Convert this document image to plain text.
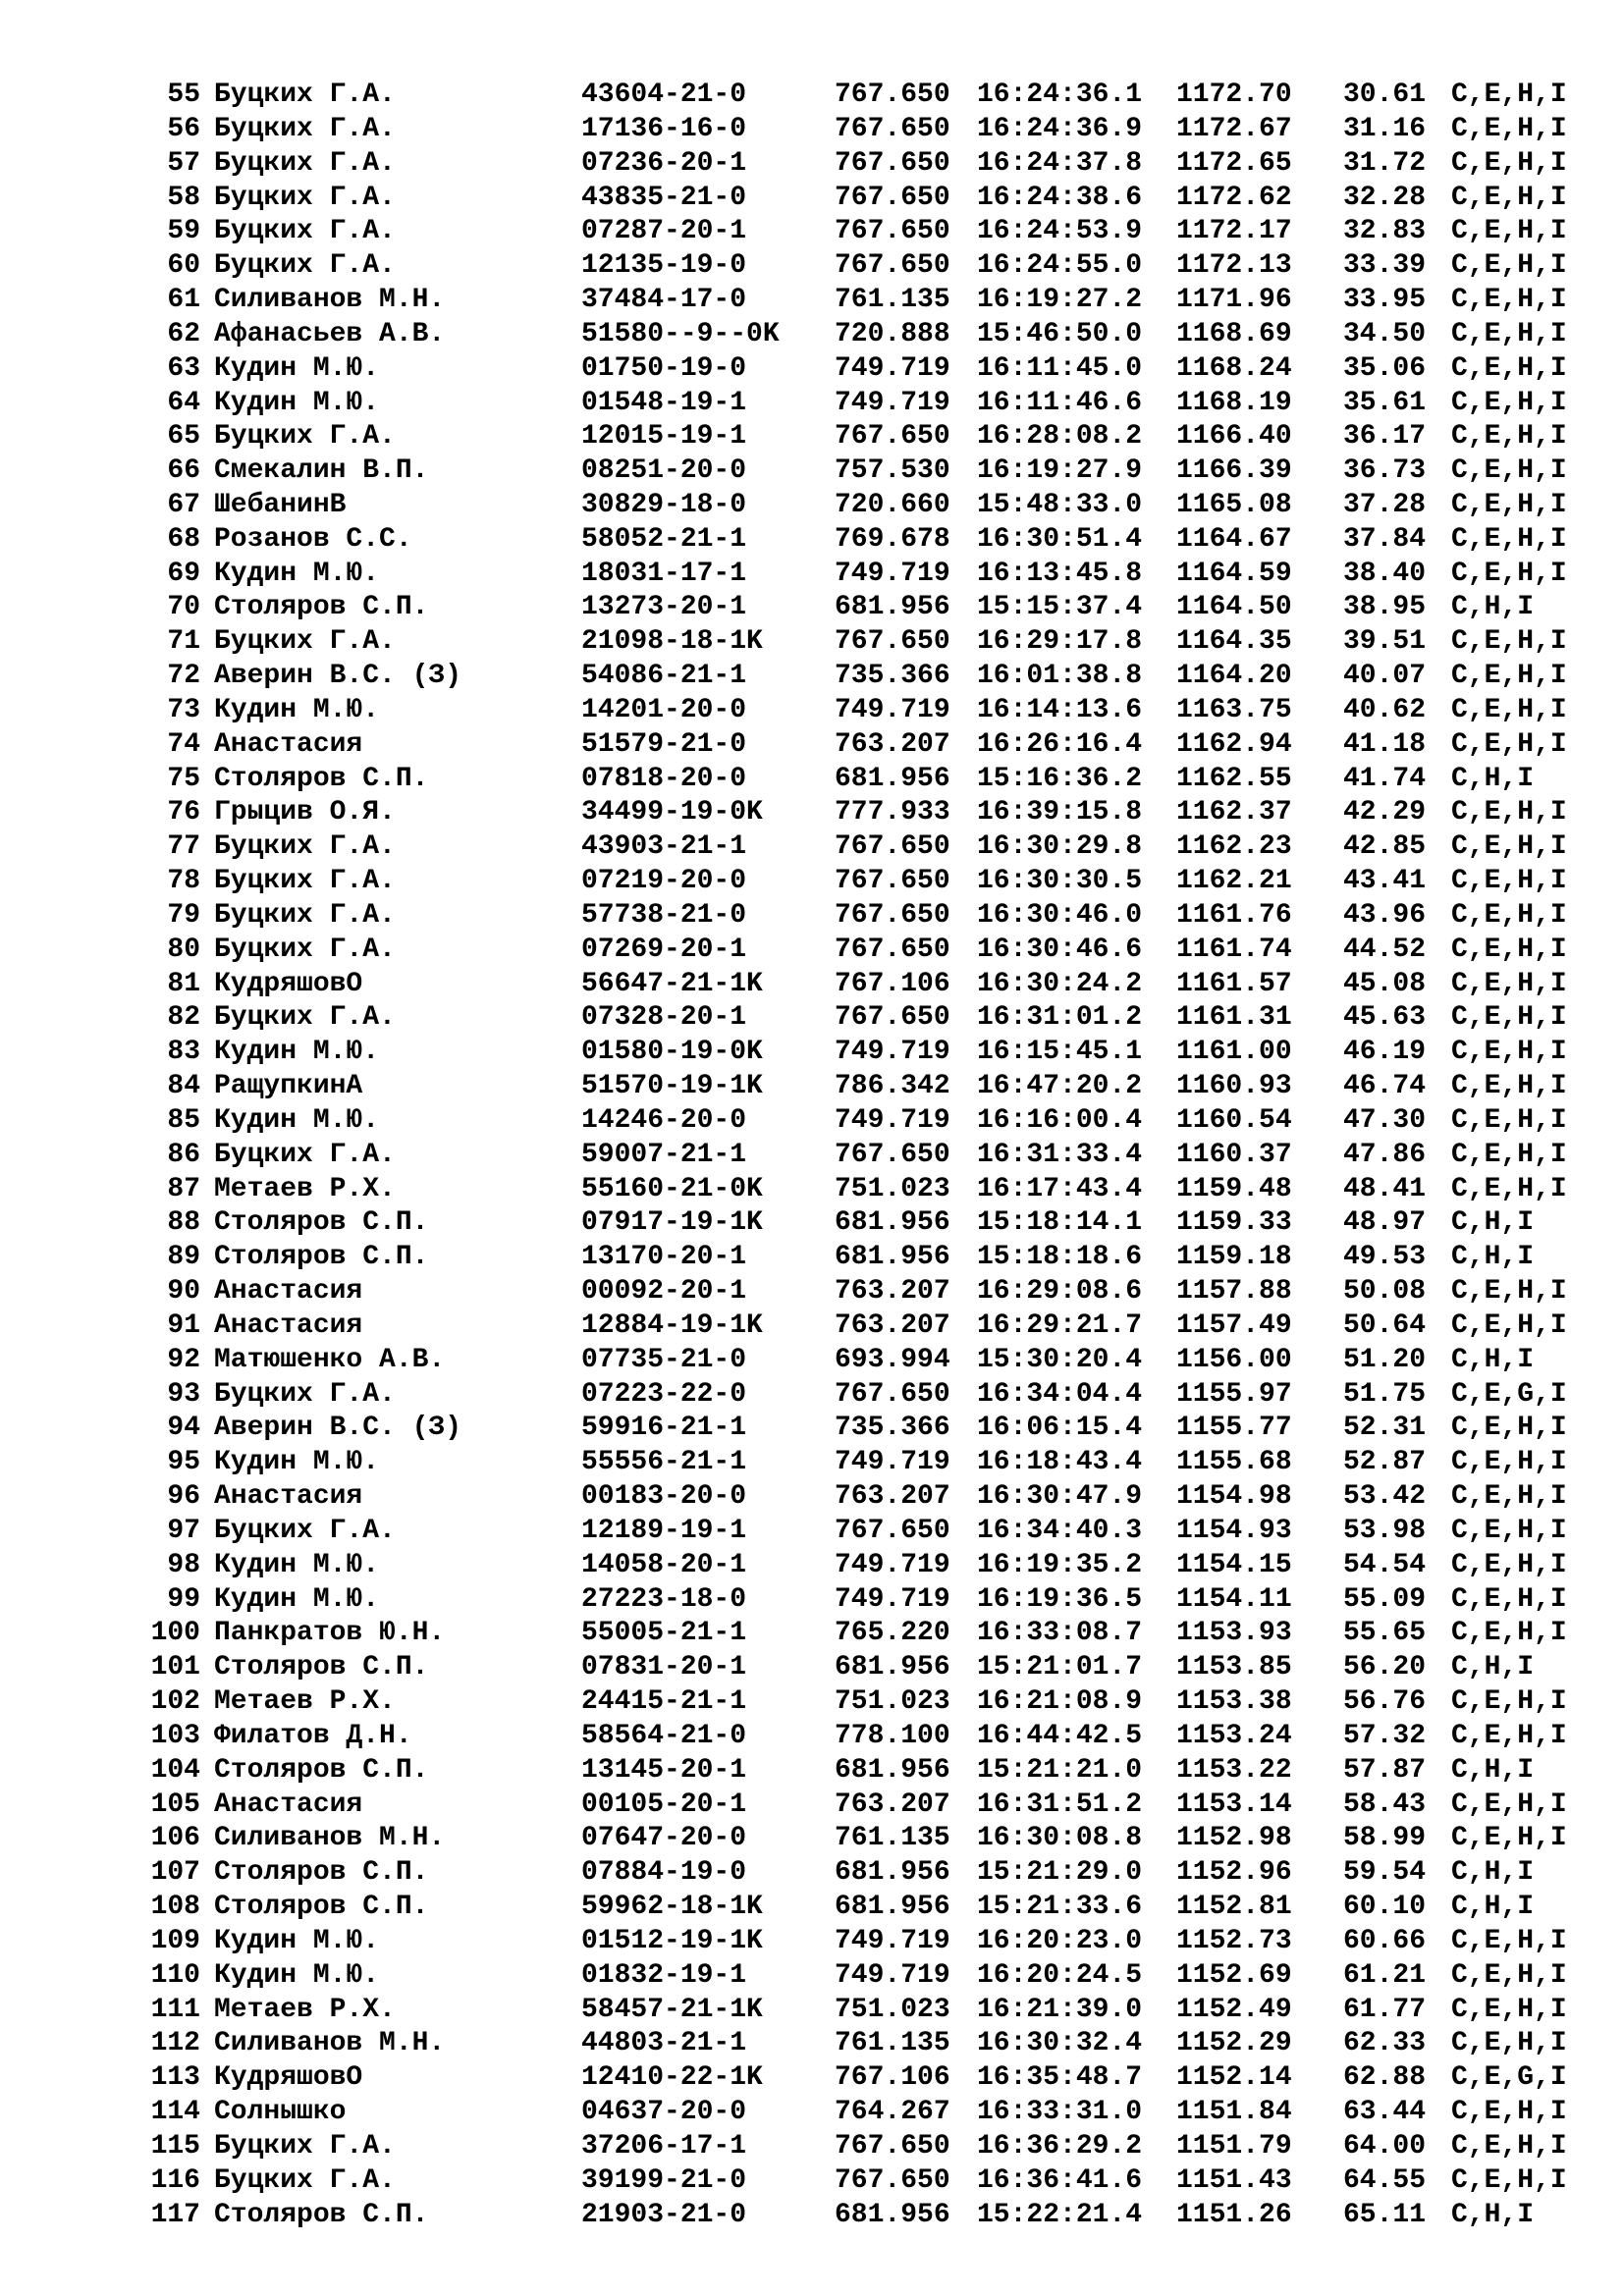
55 Буцких Г.А.	43604-21-0	767.650 16:24:36.1 1172.70 30.61 C,E,H,I
56 Буцких Г.А.	17136-16-0	767.650 16:24:36.9 1172.67 31.16 C,E,H,I
57 Буцких Г.А.	07236-20-1	767.650 16:24:37.8 1172.65 31.72 C,E,H,I
58 Буцких Г.А.	43835-21-0	767.650 16:24:38.6 1172.62 32.28 C,E,H,I
59 Буцких Г.А.	07287-20-1	767.650 16:24:53.9 1172.17 32.83 C,E,H,I
60 Буцких Г.А.	12135-19-0	767.650 16:24:55.0 1172.13 33.39 C,E,H,I
61 Силиванов М.Н.	37484-17-0	761.135 16:19:27.2 1171.96 33.95 C,E,H,I
62 Афанасьев А.В.	51580--9--0K 720.888 15:46:50.0 1168.69 34.50 C,E,H,I
63 Кудин М.Ю.	01750-19-0	749.719 16:11:45.0 1168.24 35.06 C,E,H,I
64 Кудин М.Ю.	01548-19-1	749.719 16:11:46.6 1168.19 35.61 C,E,H,I
65 Буцких Г.А.	12015-19-1	767.650 16:28:08.2 1166.40 36.17 C,E,H,I
66 Смекалин В.П.	08251-20-0	757.530 16:19:27.9 1166.39 36.73 C,E,H,I
67 ШебанинВ	30829-18-0	720.660 15:48:33.0 1165.08 37.28 C,E,H,I
68 Розанов С.С.	58052-21-1	769.678 16:30:51.4 1164.67 37.84 C,E,H,I
69 Кудин М.Ю.	18031-17-1	749.719 16:13:45.8 1164.59 38.40 C,E,H,I
70 Столяров С.П.	13273-20-1	681.956 15:15:37.4 1164.50 38.95 C,H,I
71 Буцких Г.А.	21098-18-1K	767.650 16:29:17.8 1164.35 39.51 C,E,H,I
72 Аверин В.С. (З)	54086-21-1	735.366 16:01:38.8 1164.20 40.07 C,E,H,I
73 Кудин М.Ю.	14201-20-0	749.719 16:14:13.6 1163.75 40.62 C,E,H,I
74 Анастасия	51579-21-0	763.207 16:26:16.4 1162.94 41.18 C,E,H,I
75 Столяров С.П.	07818-20-0	681.956 15:16:36.2 1162.55 41.74 C,H,I
76 Грыцив О.Я.	34499-19-0K	777.933 16:39:15.8 1162.37 42.29 C,E,H,I
77 Буцких Г.А.	43903-21-1	767.650 16:30:29.8 1162.23 42.85 C,E,H,I
78 Буцких Г.А.	07219-20-0	767.650 16:30:30.5 1162.21 43.41 C,E,H,I
79 Буцких Г.А.	57738-21-0	767.650 16:30:46.0 1161.76 43.96 C,E,H,I
80 Буцких Г.А.	07269-20-1	767.650 16:30:46.6 1161.74 44.52 C,E,H,I
81 КудряшовО	56647-21-1K	767.106 16:30:24.2 1161.57 45.08 C,E,H,I
82 Буцких Г.А.	07328-20-1	767.650 16:31:01.2 1161.31 45.63 C,E,H,I
83 Кудин М.Ю.	01580-19-0K	749.719 16:15:45.1 1161.00 46.19 C,E,H,I
84 РащупкинА	51570-19-1K	786.342 16:47:20.2 1160.93 46.74 C,E,H,I
85 Кудин М.Ю.	14246-20-0	749.719 16:16:00.4 1160.54 47.30 C,E,H,I
86 Буцких Г.А.	59007-21-1	767.650 16:31:33.4 1160.37 47.86 C,E,H,I
87 Метаев Р.Х.	55160-21-0K	751.023 16:17:43.4 1159.48 48.41 C,E,H,I
88 Столяров С.П.	07917-19-1K	681.956 15:18:14.1 1159.33 48.97 C,H,I
89 Столяров С.П.	13170-20-1	681.956 15:18:18.6 1159.18 49.53 C,H,I
90 Анастасия	00092-20-1	763.207 16:29:08.6 1157.88 50.08 C,E,H,I
91 Анастасия	12884-19-1K	763.207 16:29:21.7 1157.49 50.64 C,E,H,I
92 Матюшенко А.В.	07735-21-0	693.994 15:30:20.4 1156.00 51.20 C,H,I
93 Буцких Г.А.	07223-22-0	767.650 16:34:04.4 1155.97 51.75 C,E,G,I
94 Аверин В.С. (З)	59916-21-1	735.366 16:06:15.4 1155.77 52.31 C,E,H,I
95 Кудин М.Ю.	55556-21-1	749.719 16:18:43.4 1155.68 52.87 C,E,H,I
96 Анастасия	00183-20-0	763.207 16:30:47.9 1154.98 53.42 C,E,H,I
97 Буцких Г.А.	12189-19-1	767.650 16:34:40.3 1154.93 53.98 C,E,H,I
98 Кудин М.Ю.	14058-20-1	749.719 16:19:35.2 1154.15 54.54 C,E,H,I
99 Кудин М.Ю.	27223-18-0	749.719 16:19:36.5 1154.11 55.09 C,E,H,I
100 Панкратов Ю.Н.	55005-21-1	765.220 16:33:08.7 1153.93 55.65 C,E,H,I
101 Столяров С.П.	07831-20-1	681.956 15:21:01.7 1153.85 56.20 C,H,I
102 Метаев Р.Х.	24415-21-1	751.023 16:21:08.9 1153.38 56.76 C,E,H,I
103 Филатов Д.Н.	58564-21-0	778.100 16:44:42.5 1153.24 57.32 C,E,H,I
104 Столяров С.П.	13145-20-1	681.956 15:21:21.0 1153.22 57.87 C,H,I
105 Анастасия	00105-20-1	763.207 16:31:51.2 1153.14 58.43 C,E,H,I
106 Силиванов М.Н.	07647-20-0	761.135 16:30:08.8 1152.98 58.99 C,E,H,I
107 Столяров С.П.	07884-19-0	681.956 15:21:29.0 1152.96 59.54 C,H,I
108 Столяров С.П.	59962-18-1K	681.956 15:21:33.6 1152.81 60.10 C,H,I
109 Кудин М.Ю.	01512-19-1K	749.719 16:20:23.0 1152.73 60.66 C,E,H,I
110 Кудин М.Ю.	01832-19-1	749.719 16:20:24.5 1152.69 61.21 C,E,H,I
111 Метаев Р.Х.	58457-21-1K	751.023 16:21:39.0 1152.49 61.77 C,E,H,I
112 Силиванов М.Н.	44803-21-1	761.135 16:30:32.4 1152.29 62.33 C,E,H,I
113 КудряшовО	12410-22-1K	767.106 16:35:48.7 1152.14 62.88 C,E,G,I
114 Солнышко	04637-20-0	764.267 16:33:31.0 1151.84 63.44 C,E,H,I
115 Буцких Г.А.	37206-17-1	767.650 16:36:29.2 1151.79 64.00 C,E,H,I
116 Буцких Г.А.	39199-21-0	767.650 16:36:41.6 1151.43 64.55 C,E,H,I
117 Столяров С.П.	21903-21-0	681.956 15:22:21.4 1151.26 65.11 C,H,I
